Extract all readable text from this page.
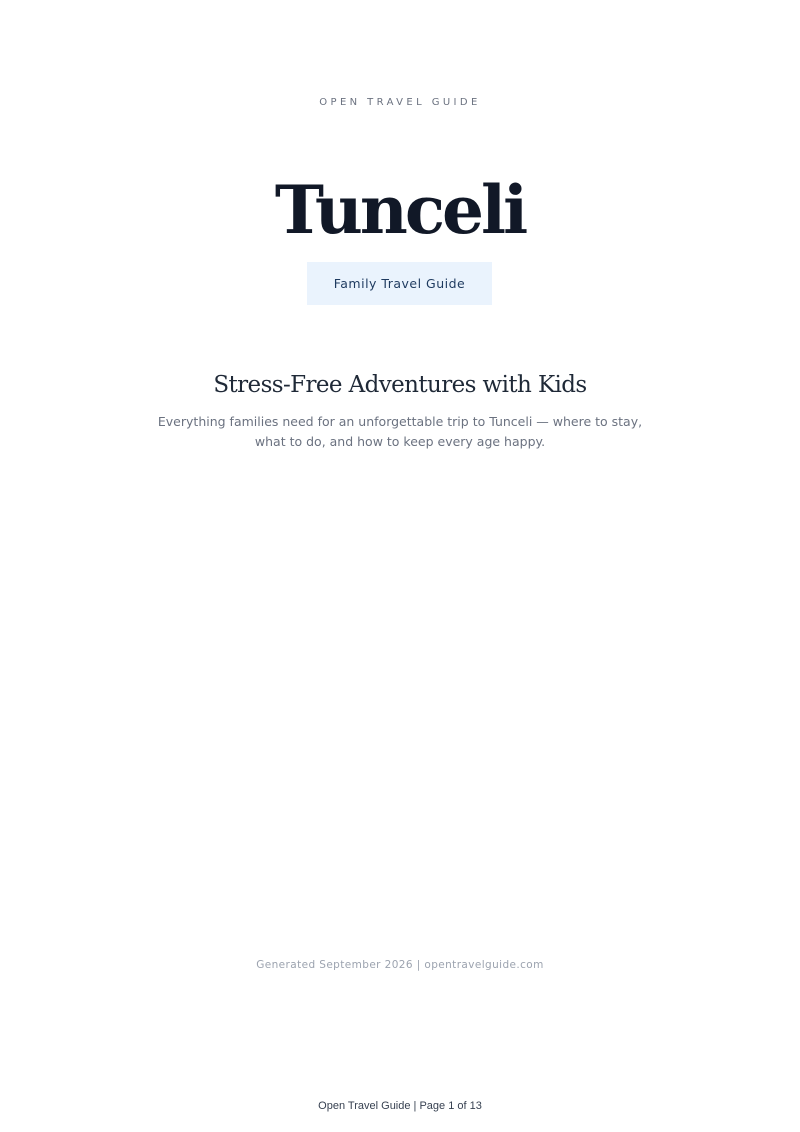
OPEN TRAVEL GUIDE
Tunceli
Family Travel Guide
Stress-Free Adventures with Kids
Everything families need for an unforgettable trip to Tunceli — where to stay, what to do, and how to keep every age happy.
Generated September 2026 | opentravelguide.com
Open Travel Guide | Page 1 of 13
